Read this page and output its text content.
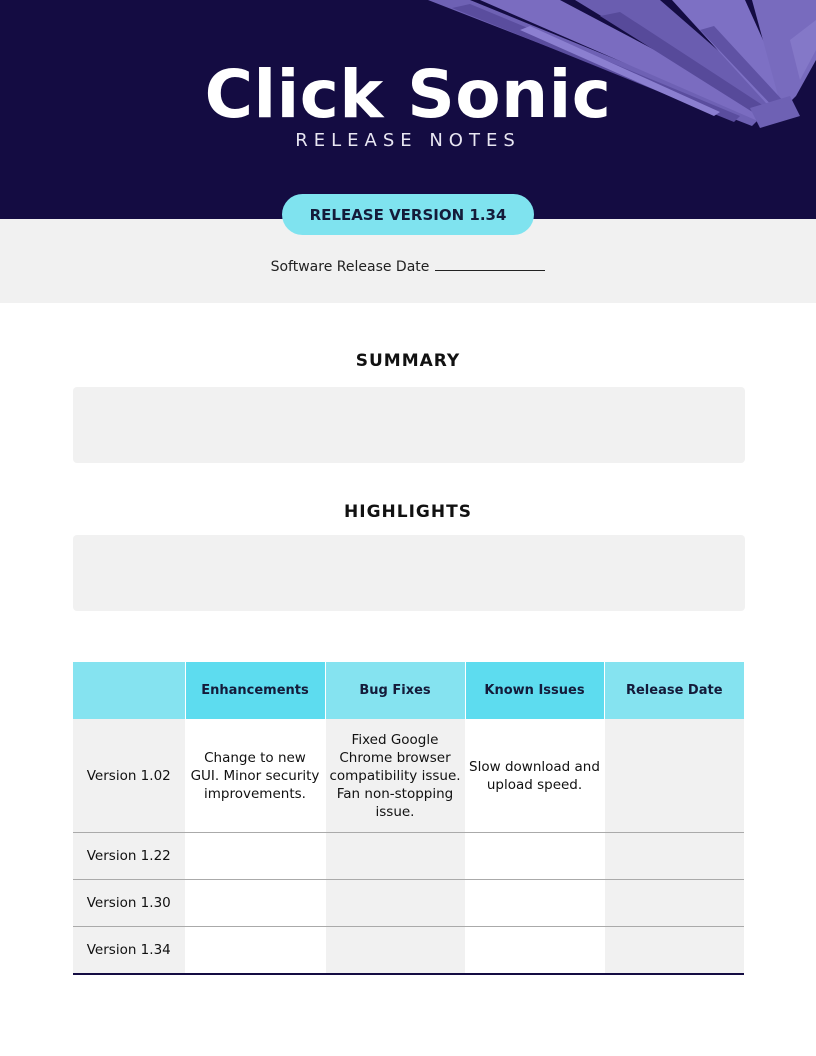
Click Sonic
RELEASE NOTES
RELEASE VERSION 1.34
Software Release Date
SUMMARY
HIGHLIGHTS
	Enhancements	Bug Fixes	Known Issues	Release Date
Version 1.02	Change to new GUI. Minor security improvements.	Fixed Google Chrome browser compatibility issue. Fan non-stopping issue.	Slow download and upload speed.	
Version 1.22				
Version 1.30				
Version 1.34				
